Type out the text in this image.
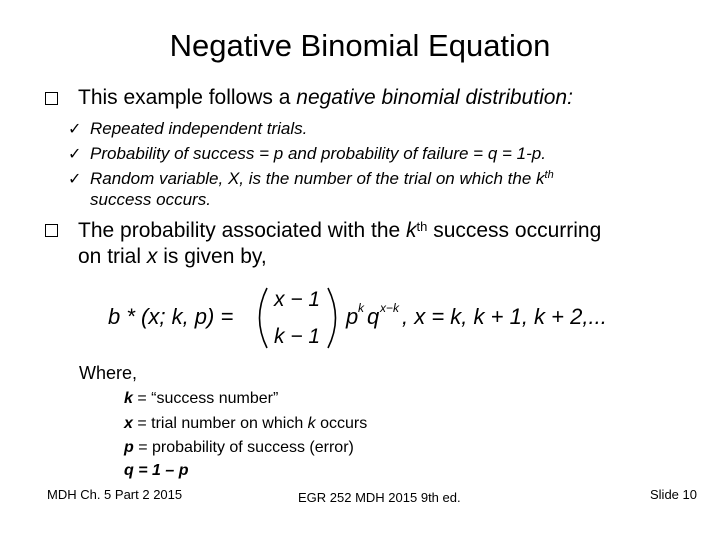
Negative Binomial Equation
This example follows a negative binomial distribution:
✓ Repeated independent trials.
✓ Probability of success = p and probability of failure = q = 1-p.
✓ Random variable, X, is the number of the trial on which the $k^{th}$
success occurs.
The probability associated with the $k^{th}$ success occurring
on trial x is given by,
b * (x; k, p) =
x − 1
k − 1
p k q x−k , x = k, k + 1, k + 2,...
Where,
k = “success number”
x = trial number on which k occurs
p = probability of success (error)
q = 1 – p
MDH Ch. 5 Part 2 2015	EGR 252 MDH 2015 9th ed.	Slide 10
